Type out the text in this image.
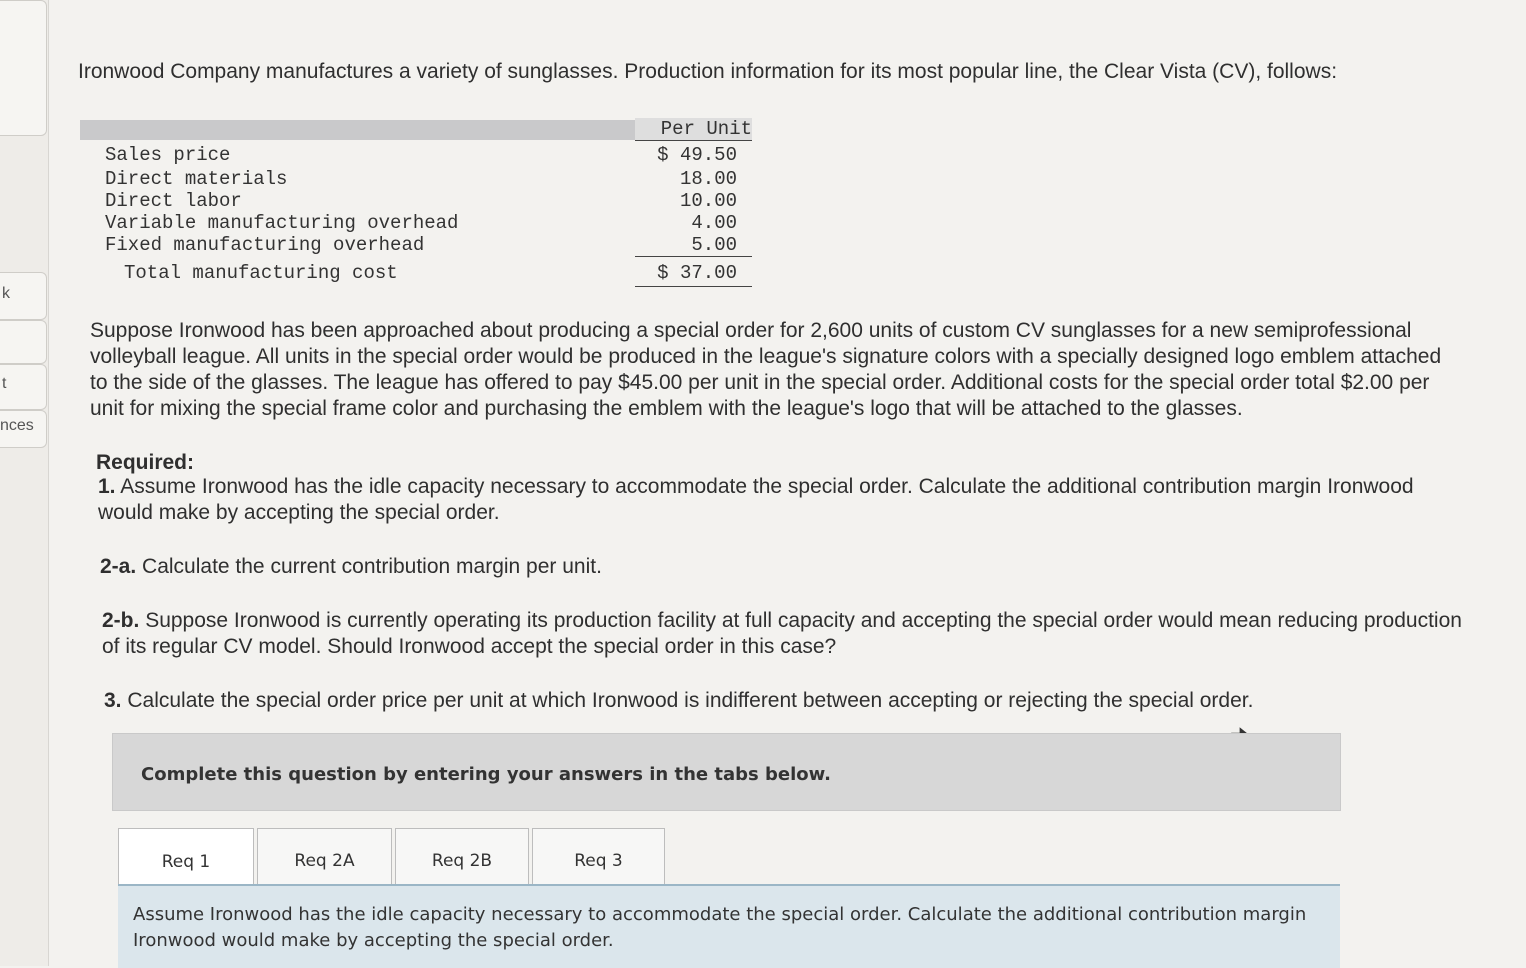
k
t
nces
Ironwood Company manufactures a variety of sunglasses. Production information for its most popular line, the Clear Vista (CV), follows:
Per Unit
Sales price	$ 49.50
Direct materials	18.00
Direct labor	10.00
Variable manufacturing overhead	4.00
Fixed manufacturing overhead	5.00
Total manufacturing cost	$ 37.00
Suppose Ironwood has been approached about producing a special order for 2,600 units of custom CV sunglasses for a new semiprofessional volleyball league. All units in the special order would be produced in the league's signature colors with a specially designed logo emblem attached to the side of the glasses. The league has offered to pay $45.00 per unit in the special order. Additional costs for the special order total $2.00 per unit for mixing the special frame color and purchasing the emblem with the league's logo that will be attached to the glasses.
Required:
1. Assume Ironwood has the idle capacity necessary to accommodate the special order. Calculate the additional contribution margin Ironwood would make by accepting the special order.
2-a. Calculate the current contribution margin per unit.
2-b. Suppose Ironwood is currently operating its production facility at full capacity and accepting the special order would mean reducing production of its regular CV model. Should Ironwood accept the special order in this case?
3. Calculate the special order price per unit at which Ironwood is indifferent between accepting or rejecting the special order.
Complete this question by entering your answers in the tabs below.
Req 1	Req 2A	Req 2B	Req 3
Assume Ironwood has the idle capacity necessary to accommodate the special order. Calculate the additional contribution margin Ironwood would make by accepting the special order.
